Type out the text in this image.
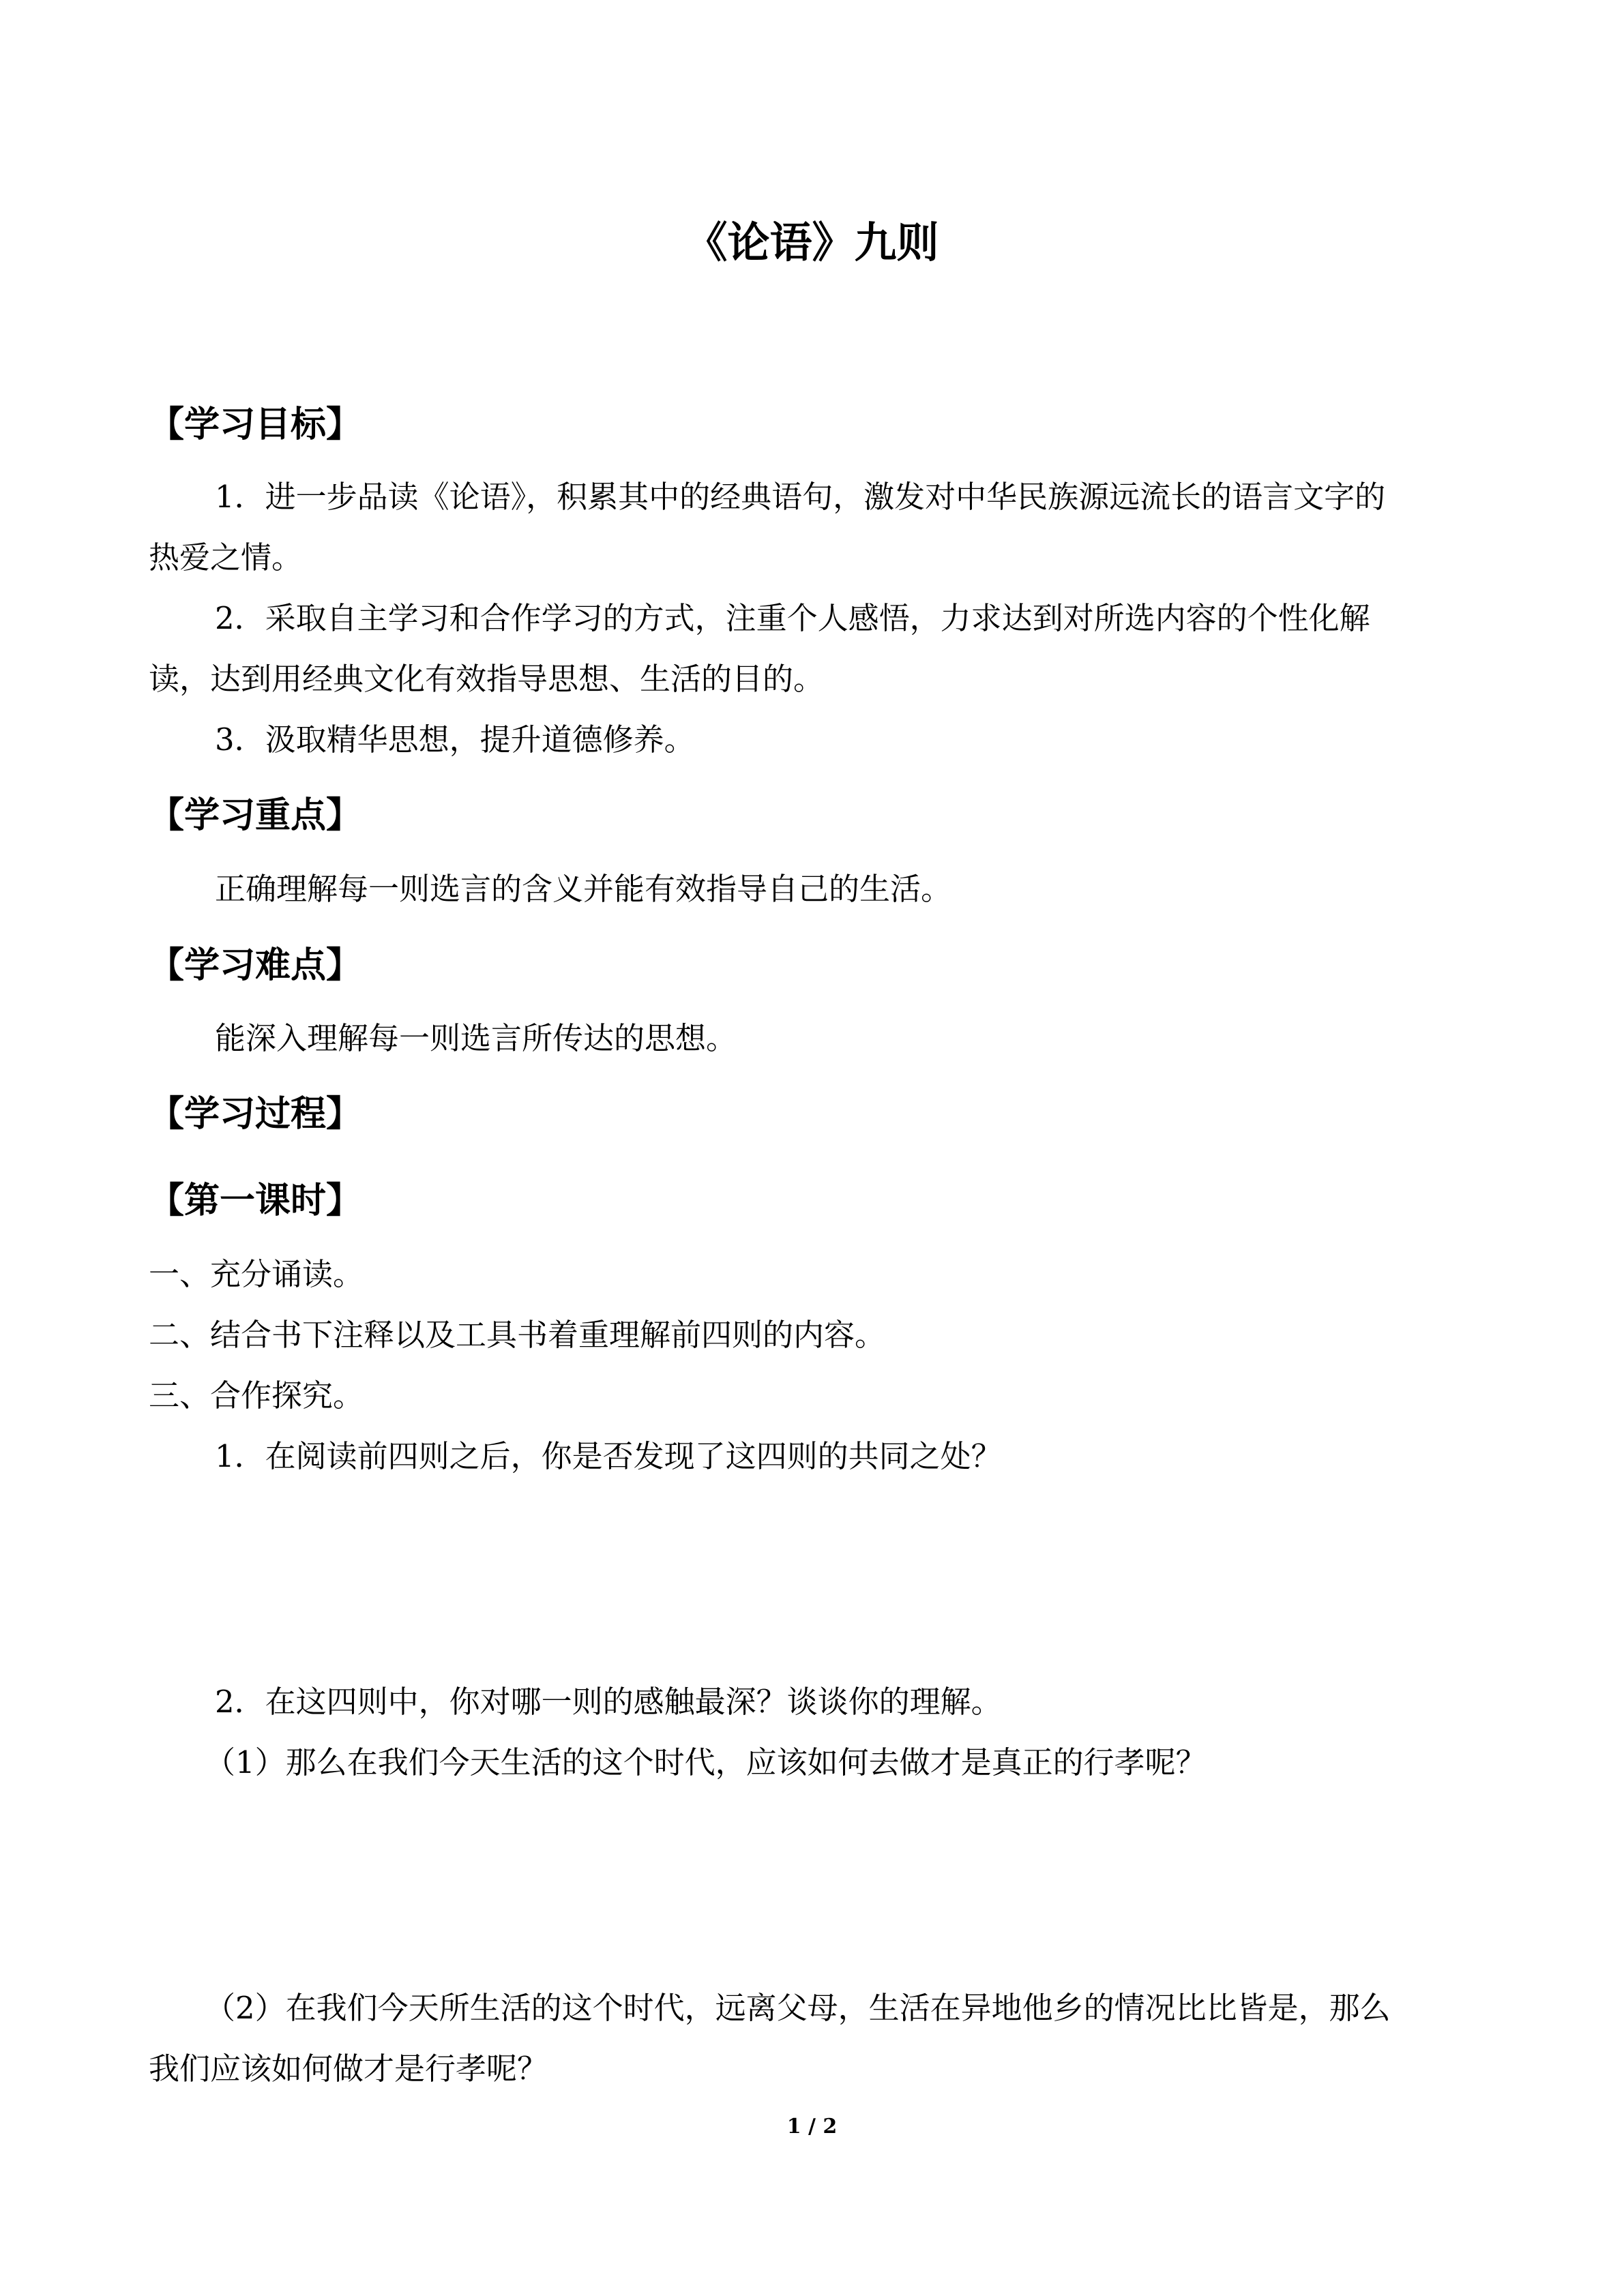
《论语》九则
【学习目标】

1．进一步品读《论语》，积累其中的经典语句，激发对中华民族源远流长的语言文字的

热爱之情。

2．采取自主学习和合作学习的方式，注重个人感悟，力求达到对所选内容的个性化解

读，达到用经典文化有效指导思想、生活的目的。

3．汲取精华思想，提升道德修养。

【学习重点】

正确理解每一则选言的含义并能有效指导自己的生活。

【学习难点】

能深入理解每一则选言所传达的思想。

【学习过程】
【第一课时】

一、充分诵读。

二、结合书下注释以及工具书着重理解前四则的内容。

三、合作探究。

1．在阅读前四则之后，你是否发现了这四则的共同之处？

2．在这四则中，你对哪一则的感触最深？谈谈你的理解。

（1）那么在我们今天生活的这个时代，应该如何去做才是真正的行孝呢？

（2）在我们今天所生活的这个时代，远离父母，生活在异地他乡的情况比比皆是，那么

我们应该如何做才是行孝呢？

1 / 2
